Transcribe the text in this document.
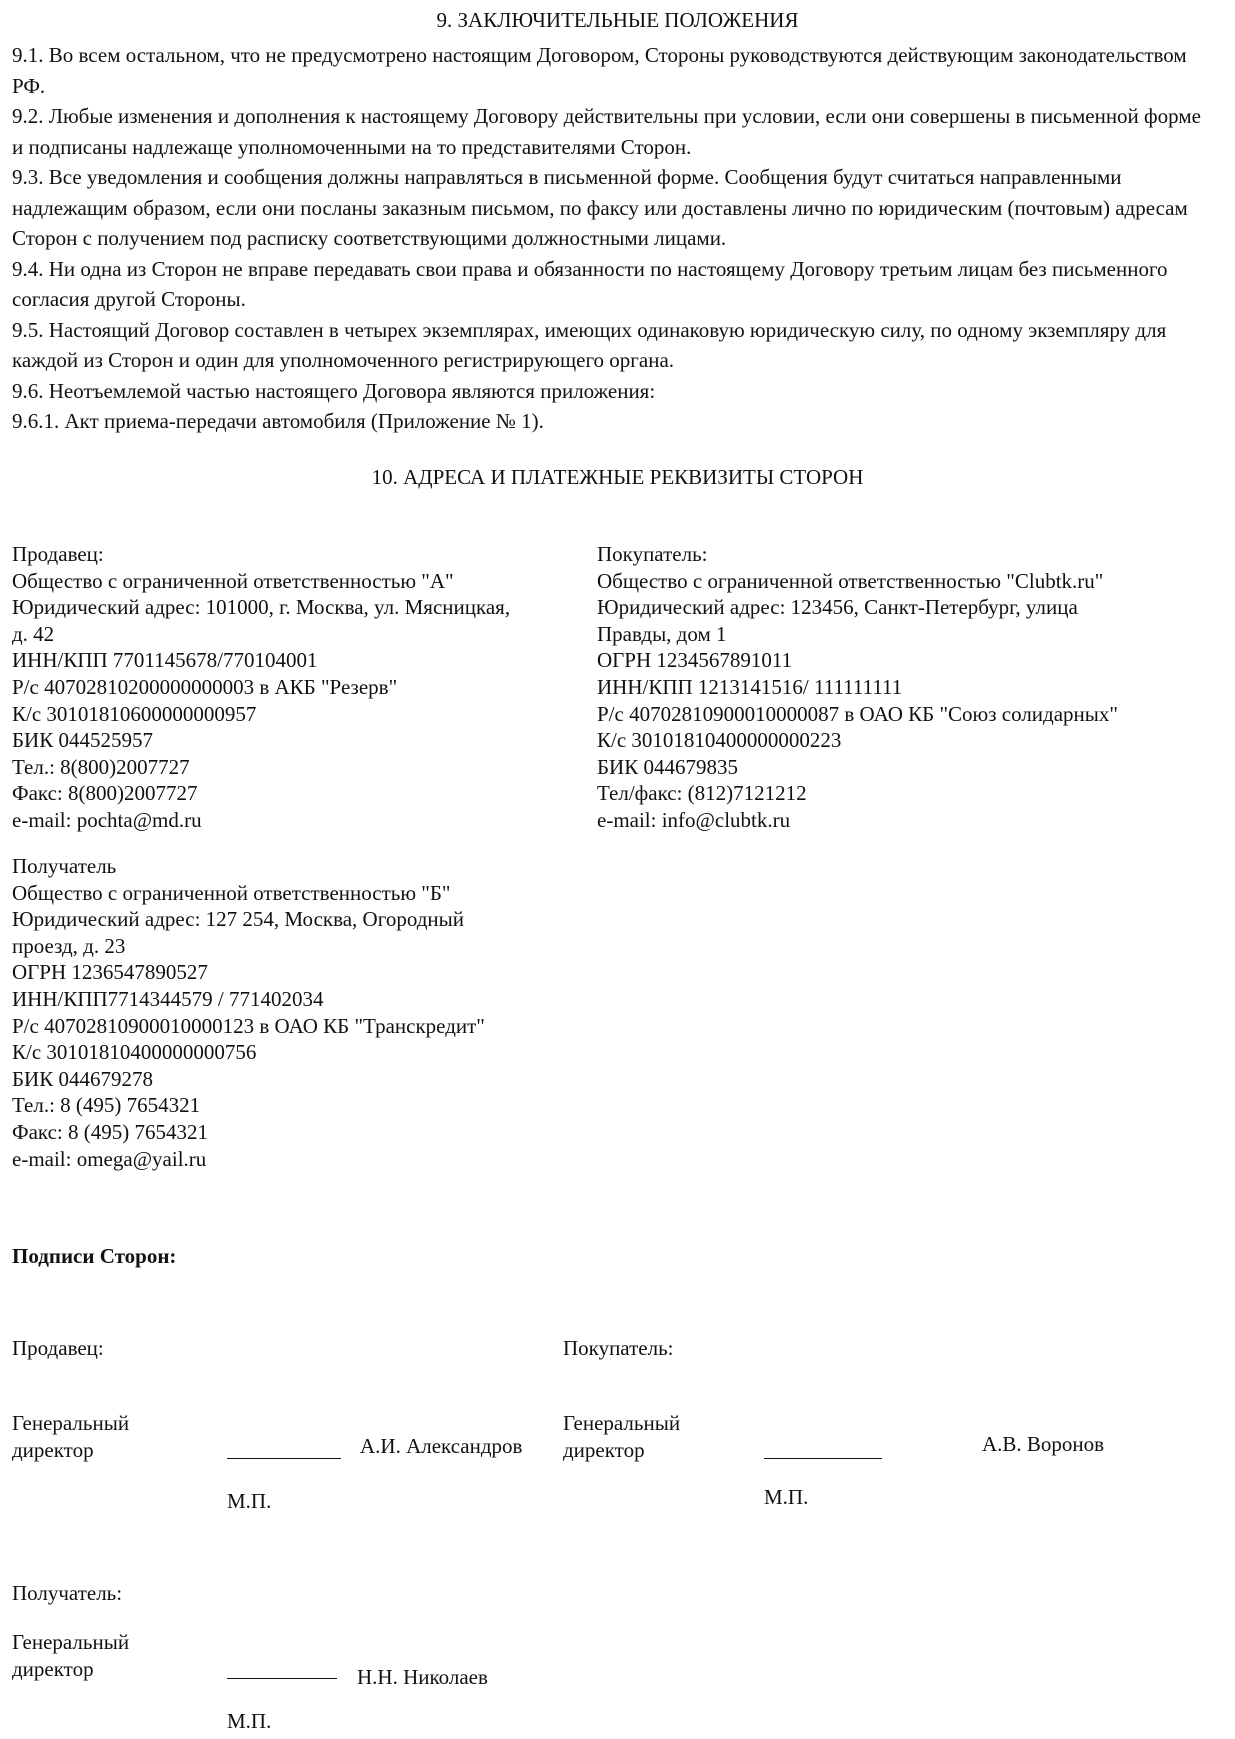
9. ЗАКЛЮЧИТЕЛЬНЫЕ ПОЛОЖЕНИЯ

9.1. Во всем остальном, что не предусмотрено настоящим Договором, Стороны руководствуются действующим законодательством РФ.

9.2. Любые изменения и дополнения к настоящему Договору действительны при условии, если они совершены в письменной форме и подписаны надлежаще уполномоченными на то представителями Сторон.

9.3. Все уведомления и сообщения должны направляться в письменной форме. Сообщения будут считаться направленными надлежащим образом, если они посланы заказным письмом, по факсу или доставлены лично по юридическим (почтовым) адресам Сторон с получением под расписку соответствующими должностными лицами.

9.4. Ни одна из Сторон не вправе передавать свои права и обязанности по настоящему Договору третьим лицам без письменного согласия другой Стороны.

9.5. Настоящий Договор составлен в четырех экземплярах, имеющих одинаковую юридическую силу, по одному экземпляру для каждой из Сторон и один для уполномоченного регистрирующего органа.

9.6. Неотъемлемой частью настоящего Договора являются приложения:

9.6.1. Акт приема-передачи автомобиля (Приложение № 1).

10. АДРЕСА И ПЛАТЕЖНЫЕ РЕКВИЗИТЫ СТОРОН
Продавец:
Общество с ограниченной ответственностью "А"
Юридический адрес: 101000, г. Москва, ул. Мясницкая,
д. 42
ИНН/КПП 7701145678/770104001
Р/с 40702810200000000003 в АКБ "Резерв"
К/с 30101810600000000957
БИК 044525957
Тел.: 8(800)2007727
Факс: 8(800)2007727
e-mail: pochta@md.ru
Покупатель:
Общество с ограниченной ответственностью "Clubtk.ru"
Юридический адрес: 123456, Санкт-Петербург, улица
Правды, дом 1
ОГРН 1234567891011
ИНН/КПП 1213141516/ 111111111
Р/с 40702810900010000087 в ОАО КБ "Союз солидарных"
К/с 30101810400000000223
БИК 044679835
Тел/факс: (812)7121212
e-mail: info@clubtk.ru
Получатель
Общество с ограниченной ответственностью "Б"
Юридический адрес: 127 254, Москва, Огородный
проезд, д. 23
ОГРН 1236547890527
ИНН/КПП7714344579 / 771402034
Р/с 40702810900010000123 в ОАО КБ "Транскредит"
К/с 30101810400000000756
БИК 044679278
Тел.: 8 (495) 7654321
Факс: 8 (495) 7654321
e-mail: omega@yail.ru
Подписи Сторон:
Продавец:
Генеральный
директор	А.И. Александров
М.П.
Покупатель:
Генеральный
директор	А.В. Воронов
М.П.
Получатель:
Генеральный
директор	Н.Н. Николаев
М.П.
